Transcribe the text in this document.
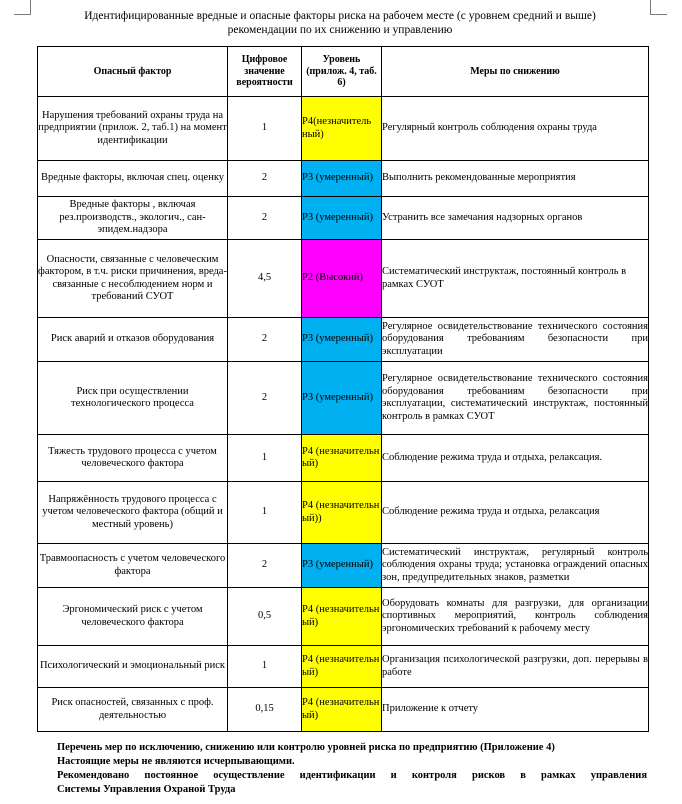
Идентифицированные вредные и опасные факторы риска на рабочем месте (с уровнем средний и выше)
рекомендации по их снижению и управлению
Опасный фактор	Цифровое значение вероятности	Уровень (прилож. 4, таб. 6)	Меры по снижению
Нарушения требований охраны труда на предприятии (прилож. 2, таб.1) на момент идентификации	1	Р4(незначитель ный)	Регулярный контроль соблюдения охраны труда
Вредные факторы, включая спец. оценку	2	Р3 (умеренный)	Выполнить рекомендованные мероприятия
Вредные факторы , включая рез.производств., экологич., сан-эпидем.надзора	2	Р3 (умеренный)	Устранить все замечания надзорных органов
Опасности, связанные с человеческим фактором, в т.ч. риски причинения, вреда-связанные с несоблюдением норм и требований СУОТ	4,5	Р2 (Высокий)	Систематический инструктаж, постоянный контроль в рамках СУОТ
Риск аварий и отказов оборудования	2	Р3 (умеренный)	Регулярное освидетельствование технического состояния оборудования требованиям безопасности при эксплуатации
Риск при осуществлении технологического процесса	2	Р3 (умеренный)	Регулярное освидетельствование технического состояния оборудования требованиям безопасности при эксплуатации, систематический инструктаж, постоянный контроль в рамках СУОТ
Тяжесть трудового процесса с учетом человеческого фактора	1	Р4 (незначительн ый)	Соблюдение режима труда и отдыха, релаксация.
Напряжённость трудового процесса с учетом человеческого фактора (общий и местный уровень)	1	Р4 (незначительн ый))	Соблюдение режима труда и отдыха, релаксация
Травмоопасность с учетом человеческого фактора	2	Р3 (умеренный)	Систематический инструктаж, регулярный контроль соблюдения охраны труда; установка ограждений опасных зон, предупредительных знаков, разметки
Эргономический риск с учетом человеческого фактора	0,5	Р4 (незначительн ый)	Оборудовать комнаты для разгрузки, для организации спортивных мероприятий, контроль соблюдения эргономических требований к рабочему месту
Психологический и эмоциональный риск	1	Р4 (незначительн ый)	Организация психологической разгрузки, доп. перерывы в работе
Риск опасностей, связанных с проф. деятельностью	0,15	Р4 (незначительн ый)	Приложение к отчету

Перечень мер по исключению, снижению или контролю уровней риска по предприятию (Приложение 4)

Настоящие меры не являются исчерпывающими.

Рекомендовано постоянное осуществление идентификации и контроля рисков в рамках управления

Системы Управления Охраной Труда
